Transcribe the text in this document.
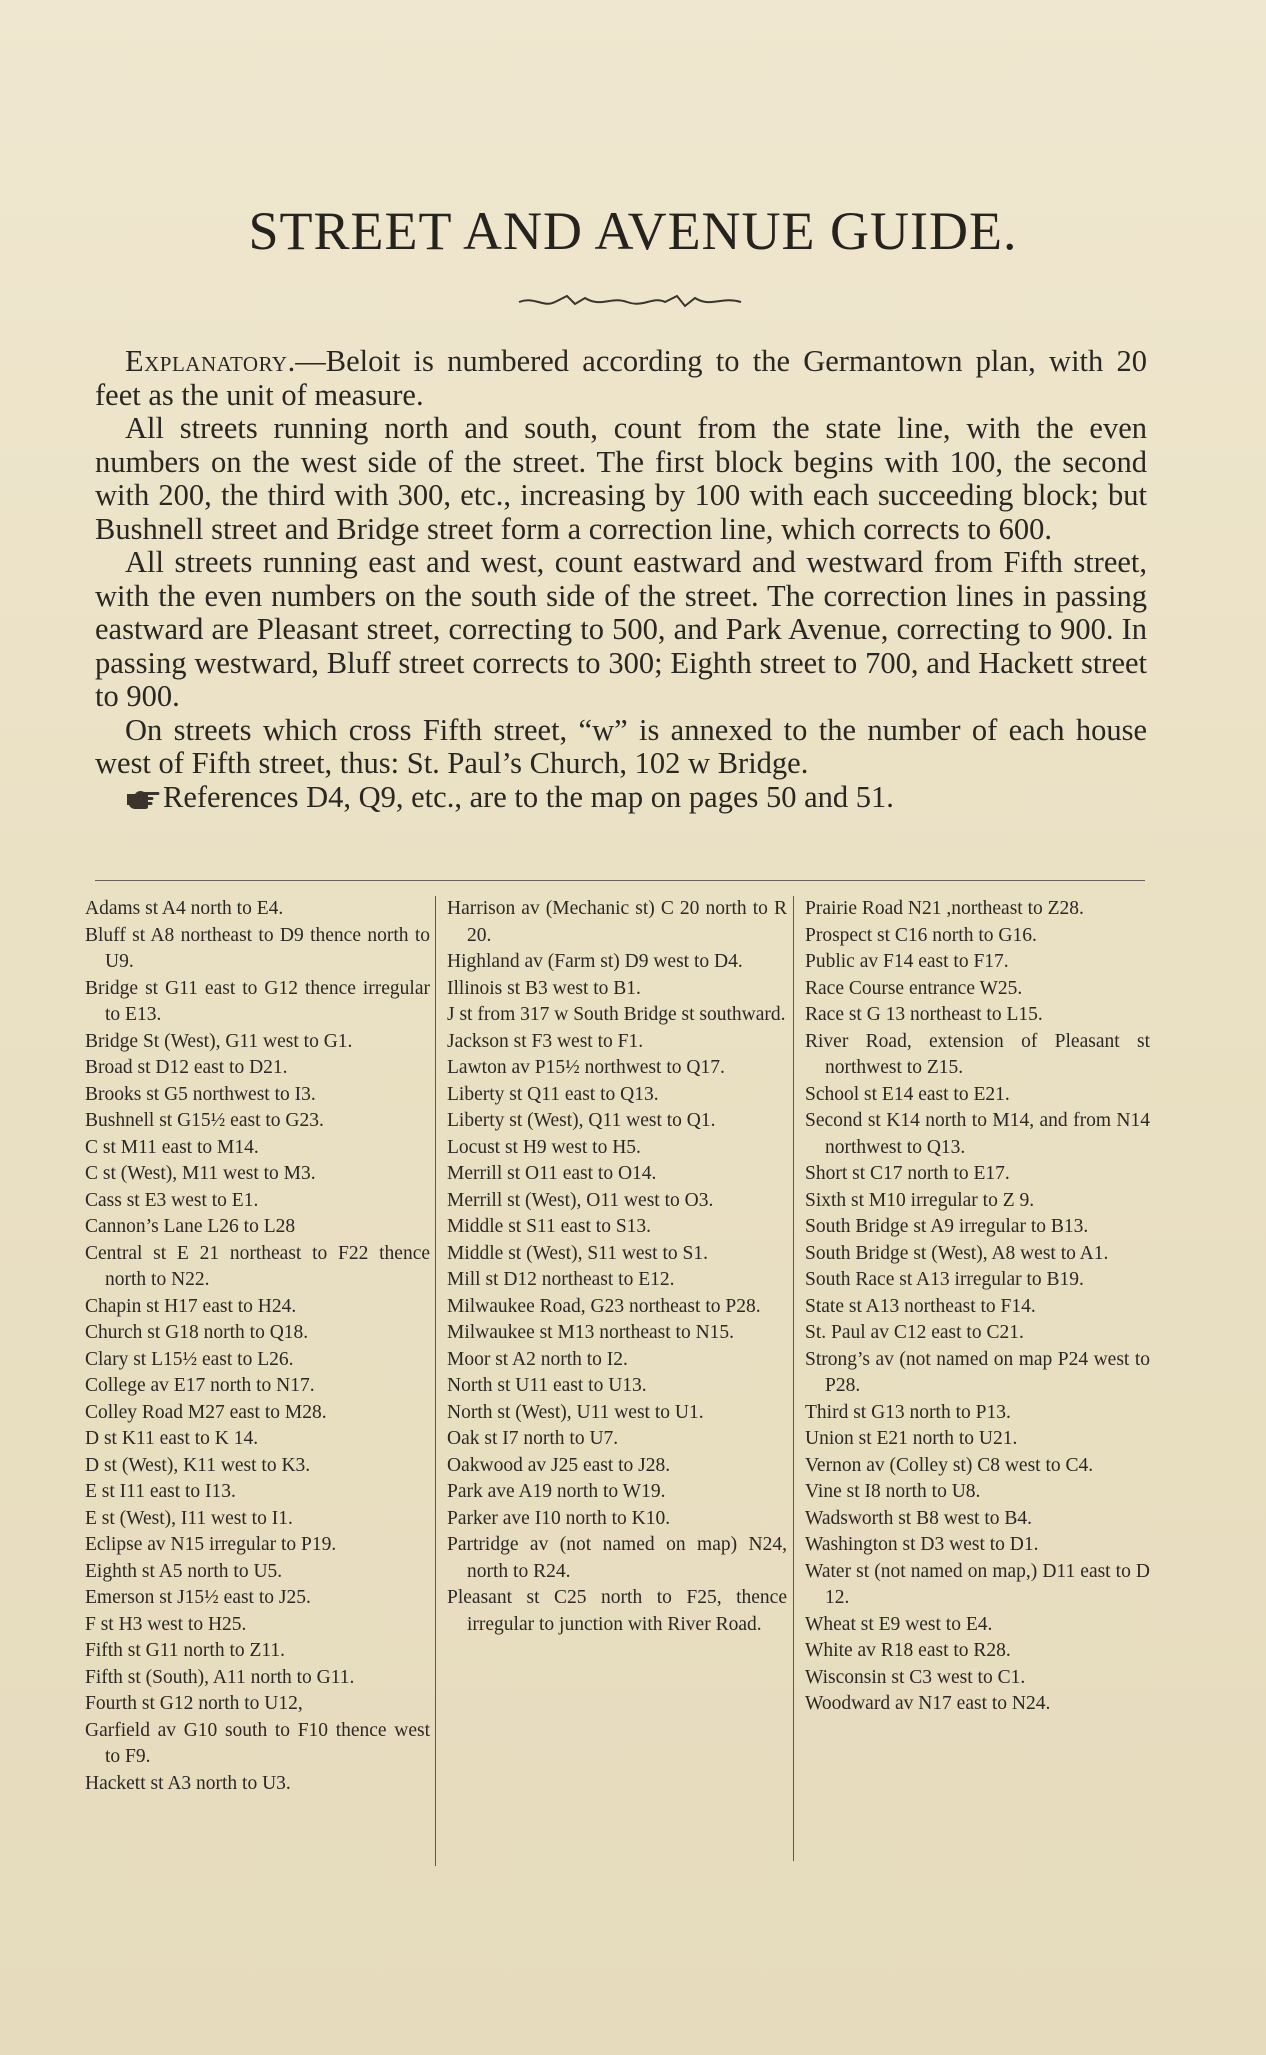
STREET AND AVENUE GUIDE.

Explanatory.—Beloit is numbered according to the Germantown plan, with 20 feet as the unit of measure.

All streets running north and south, count from the state line, with the even numbers on the west side of the street. The first block begins with 100, the second with 200, the third with 300, etc., increasing by 100 with each succeeding block; but Bushnell street and Bridge street form a correction line, which corrects to 600.

All streets running east and west, count eastward and westward from Fifth street, with the even numbers on the south side of the street. The correction lines in passing eastward are Pleasant street, correcting to 500, and Park Avenue, correcting to 900. In passing westward, Bluff street corrects to 300; Eighth street to 700, and Hackett street to 900.

On streets which cross Fifth street, “w” is annexed to the number of each house west of Fifth street, thus: St. Paul’s Church, 102 w Bridge.

References D4, Q9, etc., are to the map on pages 50 and 51.

Adams st A4 north to E4.

Bluff st A8 northeast to D9 thence north to U9.

Bridge st G11 east to G12 thence irregular to E13.

Bridge St (West), G11 west to G1.

Broad st D12 east to D21.

Brooks st G5 northwest to I3.

Bushnell st G15½ east to G23.

C st M11 east to M14.

C st (West), M11 west to M3.

Cass st E3 west to E1.

Cannon’s Lane L26 to L28

Central st E 21 northeast to F22 thence north to N22.

Chapin st H17 east to H24.

Church st G18 north to Q18.

Clary st L15½ east to L26.

College av E17 north to N17.

Colley Road M27 east to M28.

D st K11 east to K 14.

D st (West), K11 west to K3.

E st I11 east to I13.

E st (West), I11 west to I1.

Eclipse av N15 irregular to P19.

Eighth st A5 north to U5.

Emerson st J15½ east to J25.

F st H3 west to H25.

Fifth st G11 north to Z11.

Fifth st (South), A11 north to G11.

Fourth st G12 north to U12,

Garfield av G10 south to F10 thence west to F9.

Hackett st A3 north to U3.

Harrison av (Mechanic st) C 20 north to R 20.

Highland av (Farm st) D9 west to D4.

Illinois st B3 west to B1.

J st from 317 w South Bridge st southward.

Jackson st F3 west to F1.

Lawton av P15½ northwest to Q17.

Liberty st Q11 east to Q13.

Liberty st (West), Q11 west to Q1.

Locust st H9 west to H5.

Merrill st O11 east to O14.

Merrill st (West), O11 west to O3.

Middle st S11 east to S13.

Middle st (West), S11 west to S1.

Mill st D12 northeast to E12.

Milwaukee Road, G23 northeast to P28.

Milwaukee st M13 northeast to N15.

Moor st A2 north to I2.

North st U11 east to U13.

North st (West), U11 west to U1.

Oak st I7 north to U7.

Oakwood av J25 east to J28.

Park ave A19 north to W19.

Parker ave I10 north to K10.

Partridge av (not named on map) N24, north to R24.

Pleasant st C25 north to F25, thence irregular to junction with River Road.

Prairie Road N21 ,northeast to Z28.

Prospect st C16 north to G16.

Public av F14 east to F17.

Race Course entrance W25.

Race st G 13 northeast to L15.

River Road, extension of Pleasant st northwest to Z15.

School st E14 east to E21.

Second st K14 north to M14, and from N14 northwest to Q13.

Short st C17 north to E17.

Sixth st M10 irregular to Z 9.

South Bridge st A9 irregular to B13.

South Bridge st (West), A8 west to A1.

South Race st A13 irregular to B19.

State st A13 northeast to F14.

St. Paul av C12 east to C21.

Strong’s av (not named on map P24 west to P28.

Third st G13 north to P13.

Union st E21 north to U21.

Vernon av (Colley st) C8 west to C4.

Vine st I8 north to U8.

Wadsworth st B8 west to B4.

Washington st D3 west to D1.

Water st (not named on map,) D11 east to D 12.

Wheat st E9 west to E4.

White av R18 east to R28.

Wisconsin st C3 west to C1.

Woodward av N17 east to N24.
